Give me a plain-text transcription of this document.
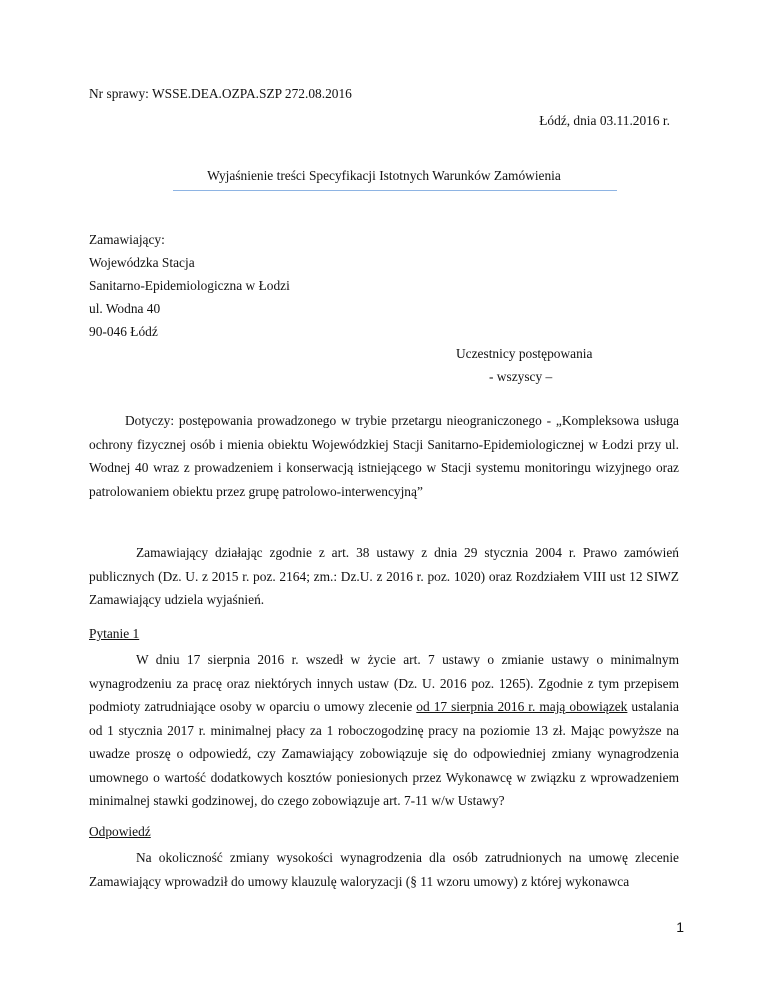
Nr sprawy: WSSE.DEA.OZPA.SZP 272.08.2016
Łódź, dnia 03.11.2016 r.
Wyjaśnienie treści Specyfikacji Istotnych Warunków Zamówienia
Zamawiający:
Wojewódzka Stacja
Sanitarno-Epidemiologiczna w Łodzi
ul. Wodna 40
90-046 Łódź
Uczestnicy postępowania
- wszyscy –
Dotyczy: postępowania prowadzonego w trybie przetargu nieograniczonego - „Kompleksowa usługa ochrony fizycznej osób i mienia obiektu Wojewódzkiej Stacji Sanitarno-Epidemiologicznej w Łodzi przy ul. Wodnej 40 wraz z prowadzeniem i konserwacją istniejącego w Stacji systemu monitoringu wizyjnego oraz patrolowaniem obiektu przez grupę patrolowo-interwencyjną”
Zamawiający działając zgodnie z art. 38 ustawy z dnia 29 stycznia 2004 r. Prawo zamówień publicznych (Dz. U. z 2015 r. poz. 2164; zm.: Dz.U. z 2016 r. poz. 1020) oraz Rozdziałem VIII ust 12 SIWZ Zamawiający udziela wyjaśnień.
Pytanie 1
W dniu 17 sierpnia 2016 r. wszedł w życie art. 7 ustawy o zmianie ustawy o minimalnym wynagrodzeniu za pracę oraz niektórych innych ustaw (Dz. U. 2016 poz. 1265). Zgodnie z tym przepisem podmioty zatrudniające osoby w oparciu o umowy zlecenie od 17 sierpnia 2016 r. mają obowiązek ustalania od 1 stycznia 2017 r. minimalnej płacy za 1 roboczogodzinę pracy na poziomie 13 zł. Mając powyższe na uwadze proszę o odpowiedź, czy Zamawiający zobowiązuje się do odpowiedniej zmiany wynagrodzenia umownego o wartość dodatkowych kosztów poniesionych przez Wykonawcę w związku z wprowadzeniem minimalnej stawki godzinowej, do czego zobowiązuje art. 7-11 w/w Ustawy?
Odpowiedź
Na okoliczność zmiany wysokości wynagrodzenia dla osób zatrudnionych na umowę zlecenie Zamawiający wprowadził do umowy klauzulę waloryzacji (§ 11 wzoru umowy) z której wykonawca
1
